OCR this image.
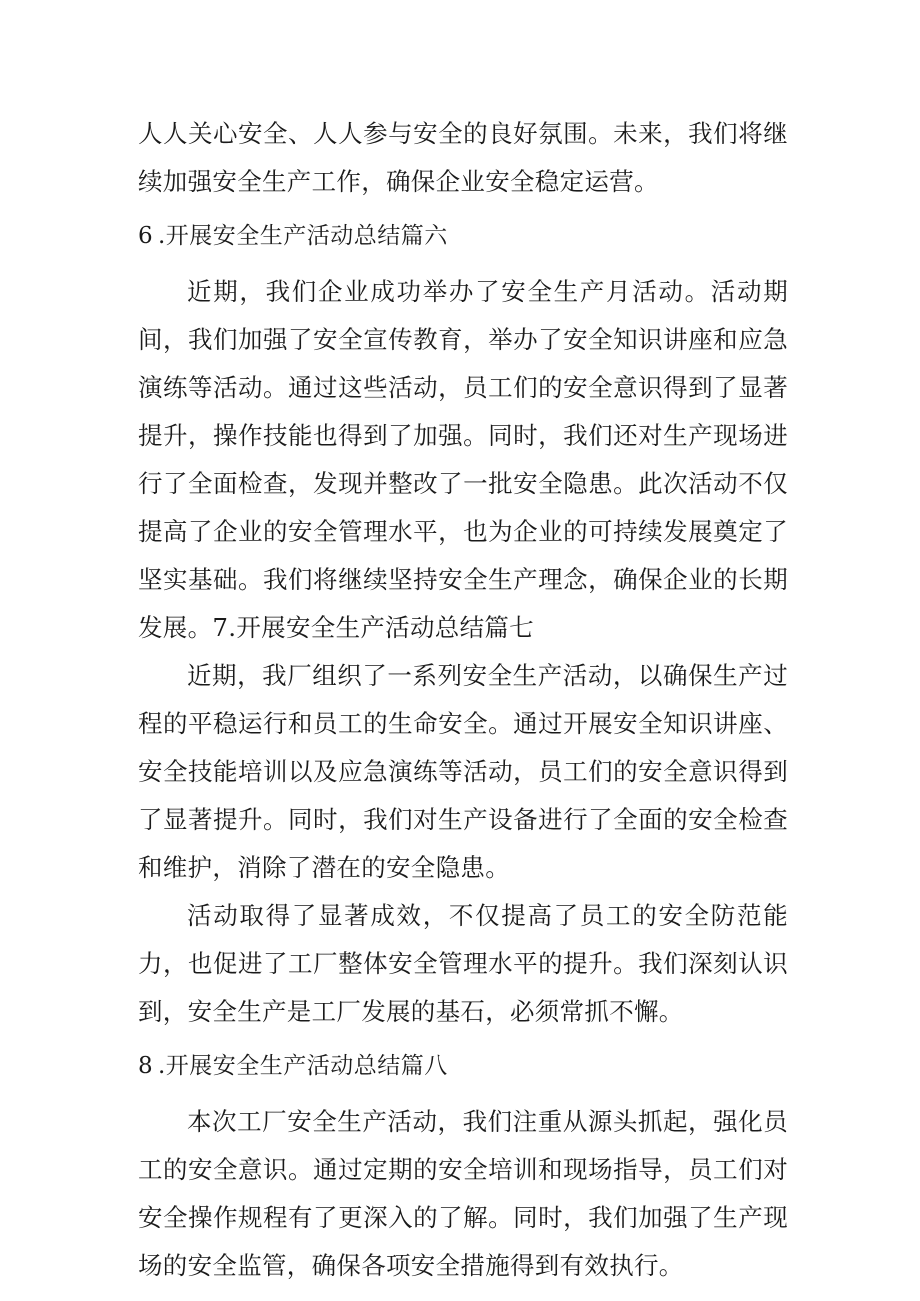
人人关心安全、人人参与安全的良好氛围。未来，我们将继续加强安全生产工作，确保企业安全稳定运营。

6 .开展安全生产活动总结篇六

近期，我们企业成功举办了安全生产月活动。活动期间，我们加强了安全宣传教育，举办了安全知识讲座和应急演练等活动。通过这些活动，员工们的安全意识得到了显著提升，操作技能也得到了加强。同时，我们还对生产现场进行了全面检查，发现并整改了一批安全隐患。此次活动不仅提高了企业的安全管理水平，也为企业的可持续发展奠定了坚实基础。我们将继续坚持安全生产理念，确保企业的长期发展。7.开展安全生产活动总结篇七

近期，我厂组织了一系列安全生产活动，以确保生产过程的平稳运行和员工的生命安全。通过开展安全知识讲座、安全技能培训以及应急演练等活动，员工们的安全意识得到了显著提升。同时，我们对生产设备进行了全面的安全检查和维护，消除了潜在的安全隐患。

活动取得了显著成效，不仅提高了员工的安全防范能力，也促进了工厂整体安全管理水平的提升。我们深刻认识到，安全生产是工厂发展的基石，必须常抓不懈。

8 .开展安全生产活动总结篇八

本次工厂安全生产活动，我们注重从源头抓起，强化员工的安全意识。通过定期的安全培训和现场指导，员工们对安全操作规程有了更深入的了解。同时，我们加强了生产现场的安全监管，确保各项安全措施得到有效执行。
